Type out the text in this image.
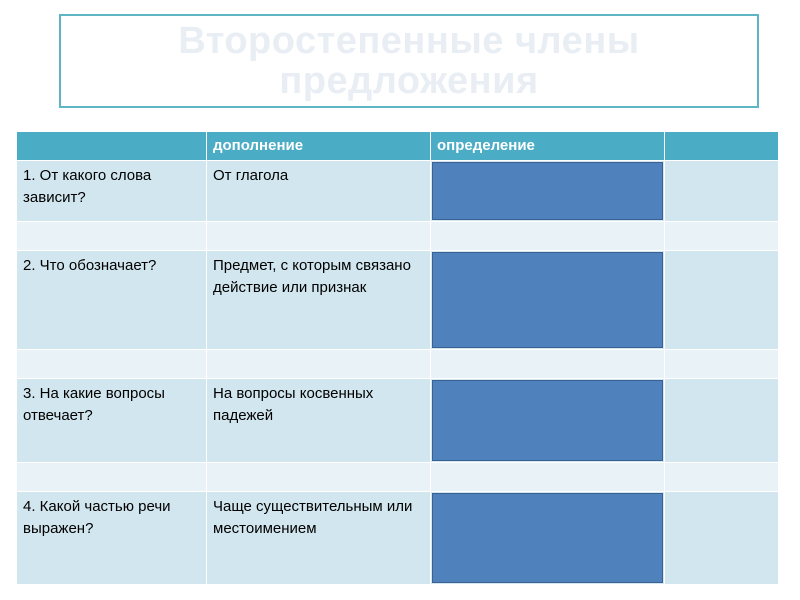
Второстепенные члены
предложения
	дополнение	определение	
1. От какого слова зависит?	От глагола	

2. Что обозначает?	Предмет, с которым связано действие или признак	

3. На какие вопросы отвечает?	На вопросы косвенных падежей	

4. Какой частью речи выражен?	Чаще существительным или местоимением	
